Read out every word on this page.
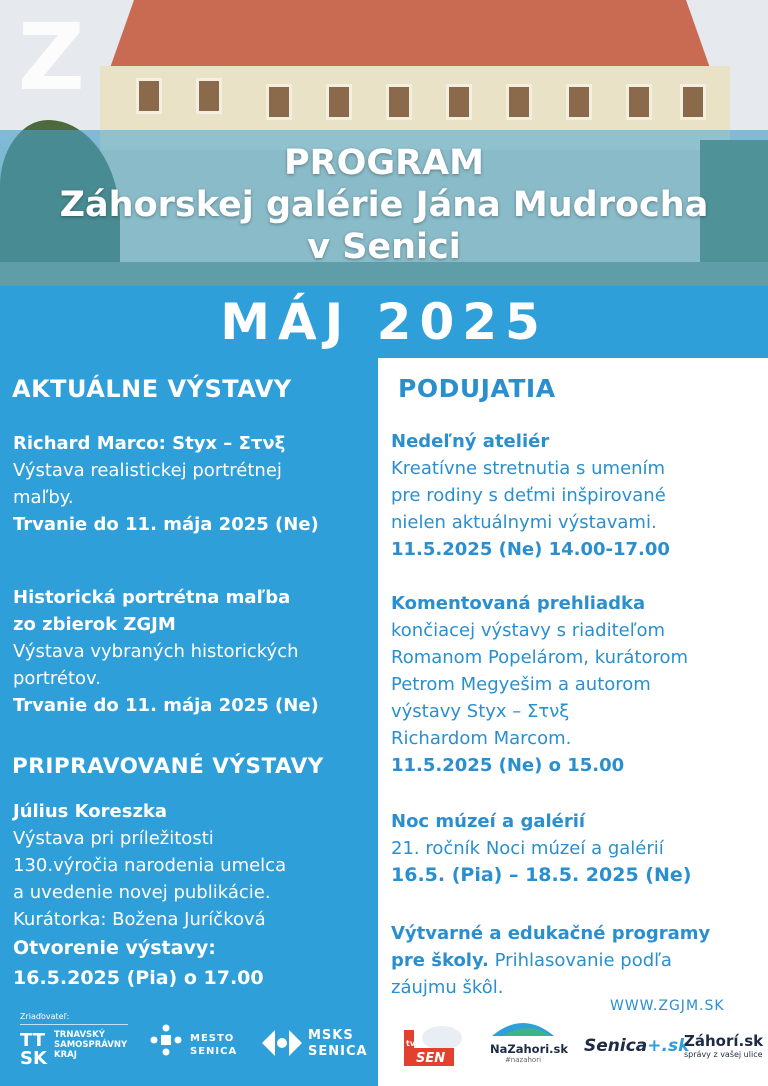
Z
PROGRAM
Záhorskej galérie Jána Mudrocha
v Senici
MÁJ 2025
AKTUÁLNE VÝSTAVY
Richard Marco: Styx – Στνξ
Výstava realistickej portrétnej
maľby.
Trvanie do 11. mája 2025 (Ne)
Historická portrétna maľba
zo zbierok ZGJM
Výstava vybraných historických
portrétov.
Trvanie do 11. mája 2025 (Ne)
PRIPRAVOVANÉ VÝSTAVY
Július Koreszka
Výstava pri príležitosti
130.výročia narodenia umelca
a uvedenie novej publikácie.
Kurátorka: Božena Juríčková
Otvorenie výstavy:
16.5.2025 (Pia) o 17.00
Zriaďovateľ:
TT
SK
TRNAVSKÝ
SAMOSPRÁVNY
KRAJ
MESTO
SENICA
MSKS
SENICA
PODUJATIA
Nedeľný ateliér
Kreatívne stretnutia s umením
pre rodiny s deťmi inšpirované
nielen aktuálnymi výstavami.
11.5.2025 (Ne) 14.00-17.00
Komentovaná prehliadka
končiacej výstavy s riaditeľom
Romanom Popelárom, kurátorom
Petrom Megyešim a autorom
výstavy Styx – Στνξ
Richardom Marcom.
11.5.2025 (Ne) o 15.00
Noc múzeí a galérií
21. ročník Noci múzeí a galérií
16.5. (Pia) – 18.5. 2025 (Ne)
Výtvarné a edukačné programy
pre školy. Prihlasovanie podľa
záujmu škôl.
WWW.ZGJM.SK
tv
SEN
NaZahori.sk
#nazahori
Senica+.sk
Záhorí.sk
správy z vašej ulice
